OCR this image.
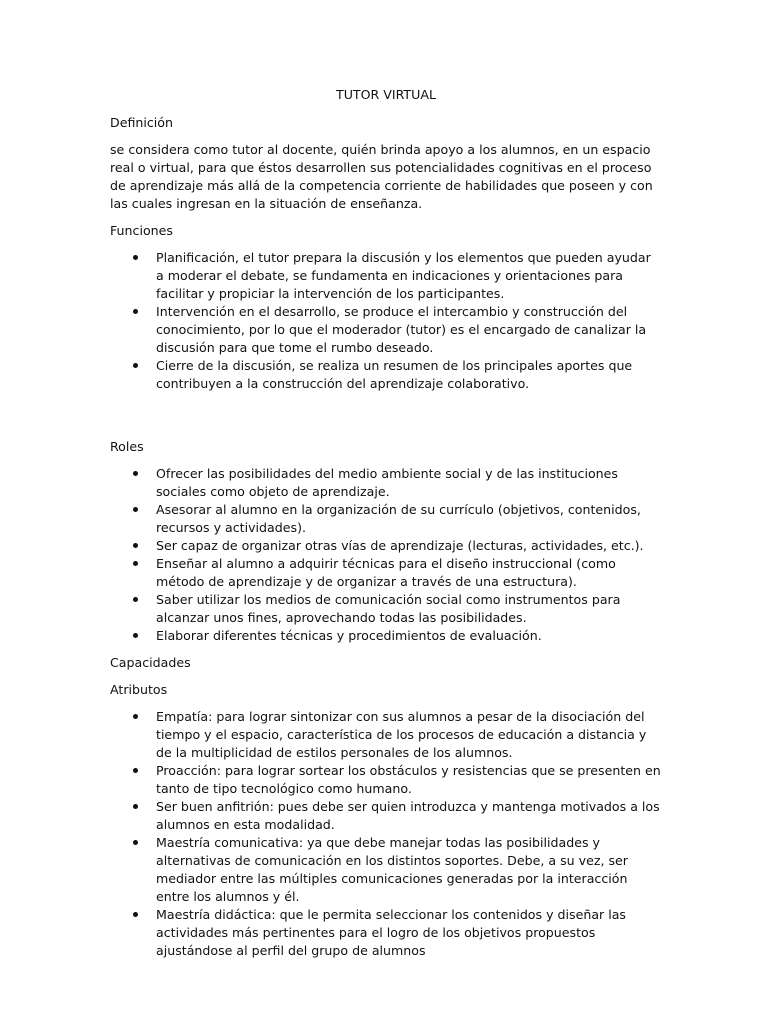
TUTOR VIRTUAL
Definición
se considera como tutor al docente, quién brinda apoyo a los alumnos, en un espacio real o virtual, para que éstos desarrollen sus potencialidades cognitivas en el proceso de aprendizaje más allá de la competencia corriente de habilidades que poseen y con las cuales ingresan en la situación de enseñanza.
Funciones
Planificación, el tutor prepara la discusión y los elementos que pueden ayudar a moderar el debate, se fundamenta en indicaciones y orientaciones para facilitar y propiciar la intervención de los participantes.
Intervención en el desarrollo, se produce el intercambio y construcción del conocimiento, por lo que el moderador (tutor) es el encargado de canalizar la discusión para que tome el rumbo deseado.
Cierre de la discusión, se realiza un resumen de los principales aportes que contribuyen a la construcción del aprendizaje colaborativo.
Roles
Ofrecer las posibilidades del medio ambiente social y de las instituciones sociales como objeto de aprendizaje.
Asesorar al alumno en la organización de su currículo (objetivos, contenidos, recursos y actividades).
Ser capaz de organizar otras vías de aprendizaje (lecturas, actividades, etc.).
Enseñar al alumno a adquirir técnicas para el diseño instruccional (como método de aprendizaje y de organizar a través de una estructura).
Saber utilizar los medios de comunicación social como instrumentos para alcanzar unos fines, aprovechando todas las posibilidades.
Elaborar diferentes técnicas y procedimientos de evaluación.
Capacidades
Atributos
Empatía: para lograr sintonizar con sus alumnos a pesar de la disociación del tiempo y el espacio, característica de los procesos de educación a distancia y de la multiplicidad de estilos personales de los alumnos.
Proacción: para lograr sortear los obstáculos y resistencias que se presenten en tanto de tipo tecnológico como humano.
Ser buen anfitrión: pues debe ser quien introduzca y mantenga motivados a los alumnos en esta modalidad.
Maestría comunicativa: ya que debe manejar todas las posibilidades y alternativas de comunicación en los distintos soportes. Debe, a su vez, ser mediador entre las múltiples comunicaciones generadas por la interacción entre los alumnos y él.
Maestría didáctica: que le permita seleccionar los contenidos y diseñar las actividades más pertinentes para el logro de los objetivos propuestos ajustándose al perfil del grupo de alumnos
